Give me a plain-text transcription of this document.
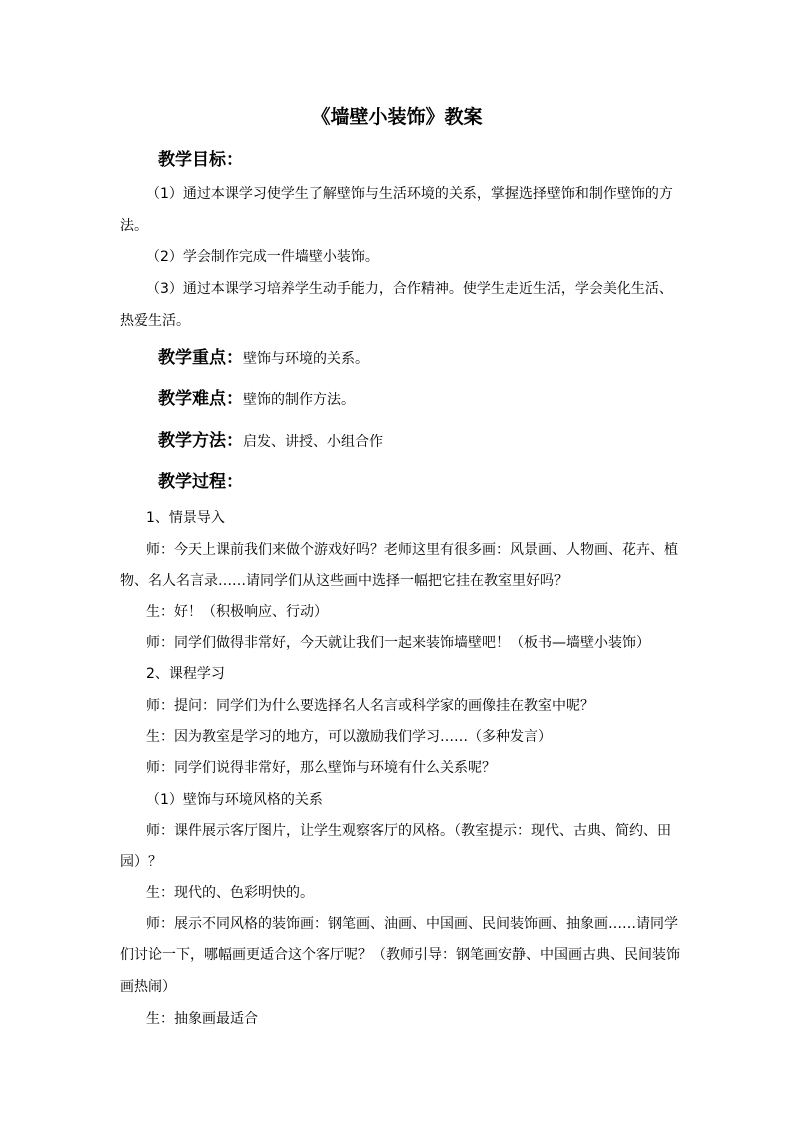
《墙壁小装饰》教案
教学目标：
（1）通过本课学习使学生了解壁饰与生活环境的关系，掌握选择壁饰和制作壁饰的方
法。
（2）学会制作完成一件墙壁小装饰。
（3）通过本课学习培养学生动手能力，合作精神。使学生走近生活，学会美化生活、
热爱生活。
教学重点：壁饰与环境的关系。
教学难点：壁饰的制作方法。
教学方法：启发、讲授、小组合作
教学过程：
1、情景导入
师：今天上课前我们来做个游戏好吗？老师这里有很多画：风景画、人物画、花卉、植
物、名人名言录……请同学们从这些画中选择一幅把它挂在教室里好吗？
生：好！（积极响应、行动）
师：同学们做得非常好，今天就让我们一起来装饰墙壁吧！（板书—墙壁小装饰）
2、课程学习
师：提问：同学们为什么要选择名人名言或科学家的画像挂在教室中呢？
生：因为教室是学习的地方，可以激励我们学习……（多种发言）
师：同学们说得非常好，那么壁饰与环境有什么关系呢？
（1）壁饰与环境风格的关系
师：课件展示客厅图片，让学生观察客厅的风格。（教室提示：现代、古典、简约、田
园）？
生：现代的、色彩明快的。
师：展示不同风格的装饰画：钢笔画、油画、中国画、民间装饰画、抽象画……请同学
们讨论一下，哪幅画更适合这个客厅呢？（教师引导：钢笔画安静、中国画古典、民间装饰
画热闹）
生：抽象画最适合
